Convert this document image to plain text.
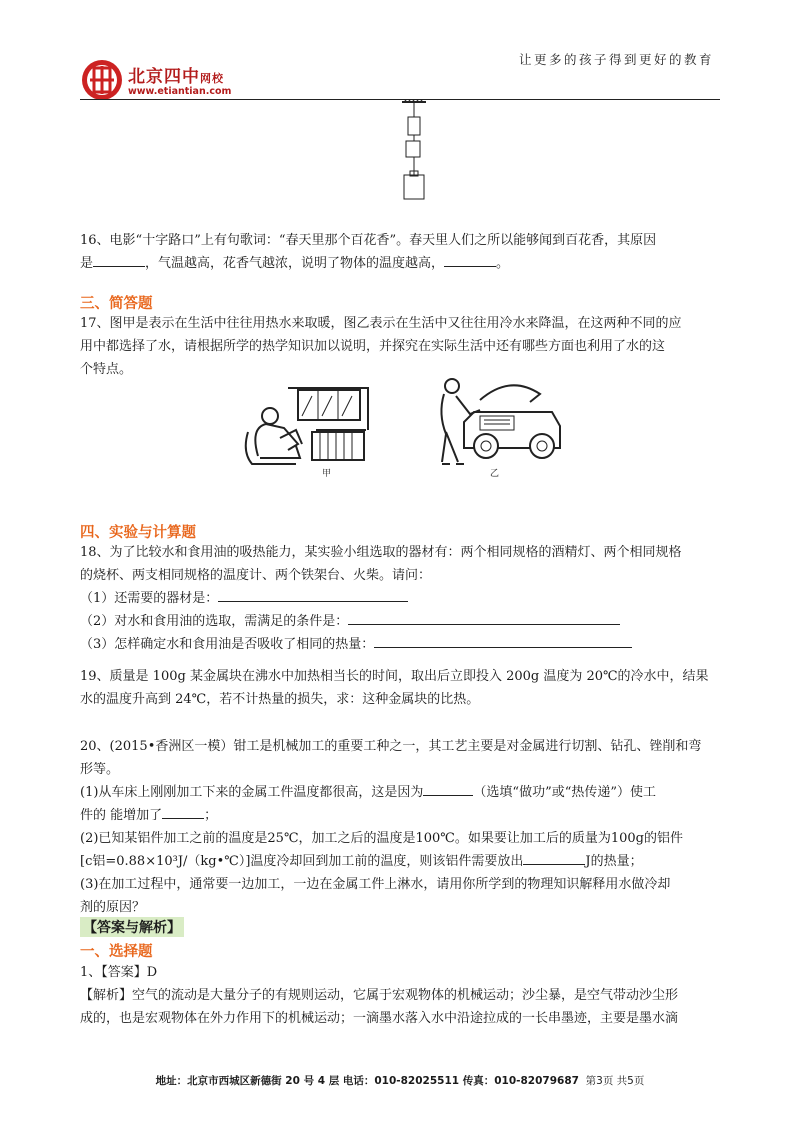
北京四中网校
www.etiantian.com
让更多的孩子得到更好的教育
16、电影“十字路口”上有句歌词：“春天里那个百花香”。春天里人们之所以能够闻到百花香，其原因
是	，气温越高，花香气越浓，说明了物体的温度越高，	。
三、简答题
17、图甲是表示在生活中往往用热水来取暖，图乙表示在生活中又往往用冷水来降温，在这两种不同的应
用中都选择了水，请根据所学的热学知识加以说明，并探究在实际生活中还有哪些方面也利用了水的这
个特点。
甲	乙
四、实验与计算题
18、为了比较水和食用油的吸热能力，某实验小组选取的器材有：两个相同规格的酒精灯、两个相同规格
的烧杯、两支相同规格的温度计、两个铁架台、火柴。请问：
（1）还需要的器材是：
（2）对水和食用油的选取，需满足的条件是：
（3）怎样确定水和食用油是否吸收了相同的热量：
19、质量是 100g 某金属块在沸水中加热相当长的时间，取出后立即投入 200g 温度为 20℃的冷水中，结果
水的温度升高到 24℃，若不计热量的损失，求：这种金属块的比热。
20、(2015•香洲区一模）钳工是机械加工的重要工种之一，其工艺主要是对金属进行切割、钻孔、锉削和弯
形等。
(1)从车床上刚刚加工下来的金属工件温度都很高，这是因为	（选填“做功”或“热传递”）使工
件的 能增加了	；
(2)已知某铝件加工之前的温度是25℃，加工之后的温度是100℃。如果要让加工后的质量为100g的铝件
[c铝=0.88×10³J/（kg•℃）]温度冷却回到加工前的温度，则该铝件需要放出	J的热量；
(3)在加工过程中，通常要一边加工，一边在金属工件上淋水，请用你所学到的物理知识解释用水做冷却
剂的原因？
【答案与解析】
一、选择题
1、【答案】D
【解析】空气的流动是大量分子的有规则运动，它属于宏观物体的机械运动；沙尘暴，是空气带动沙尘形
成的，也是宏观物体在外力作用下的机械运动；一滴墨水落入水中沿途拉成的一长串墨迹，主要是墨水滴
地址：北京市西城区新德街 20 号 4 层 电话：010-82025511 传真：010-82079687 第3页 共5页
